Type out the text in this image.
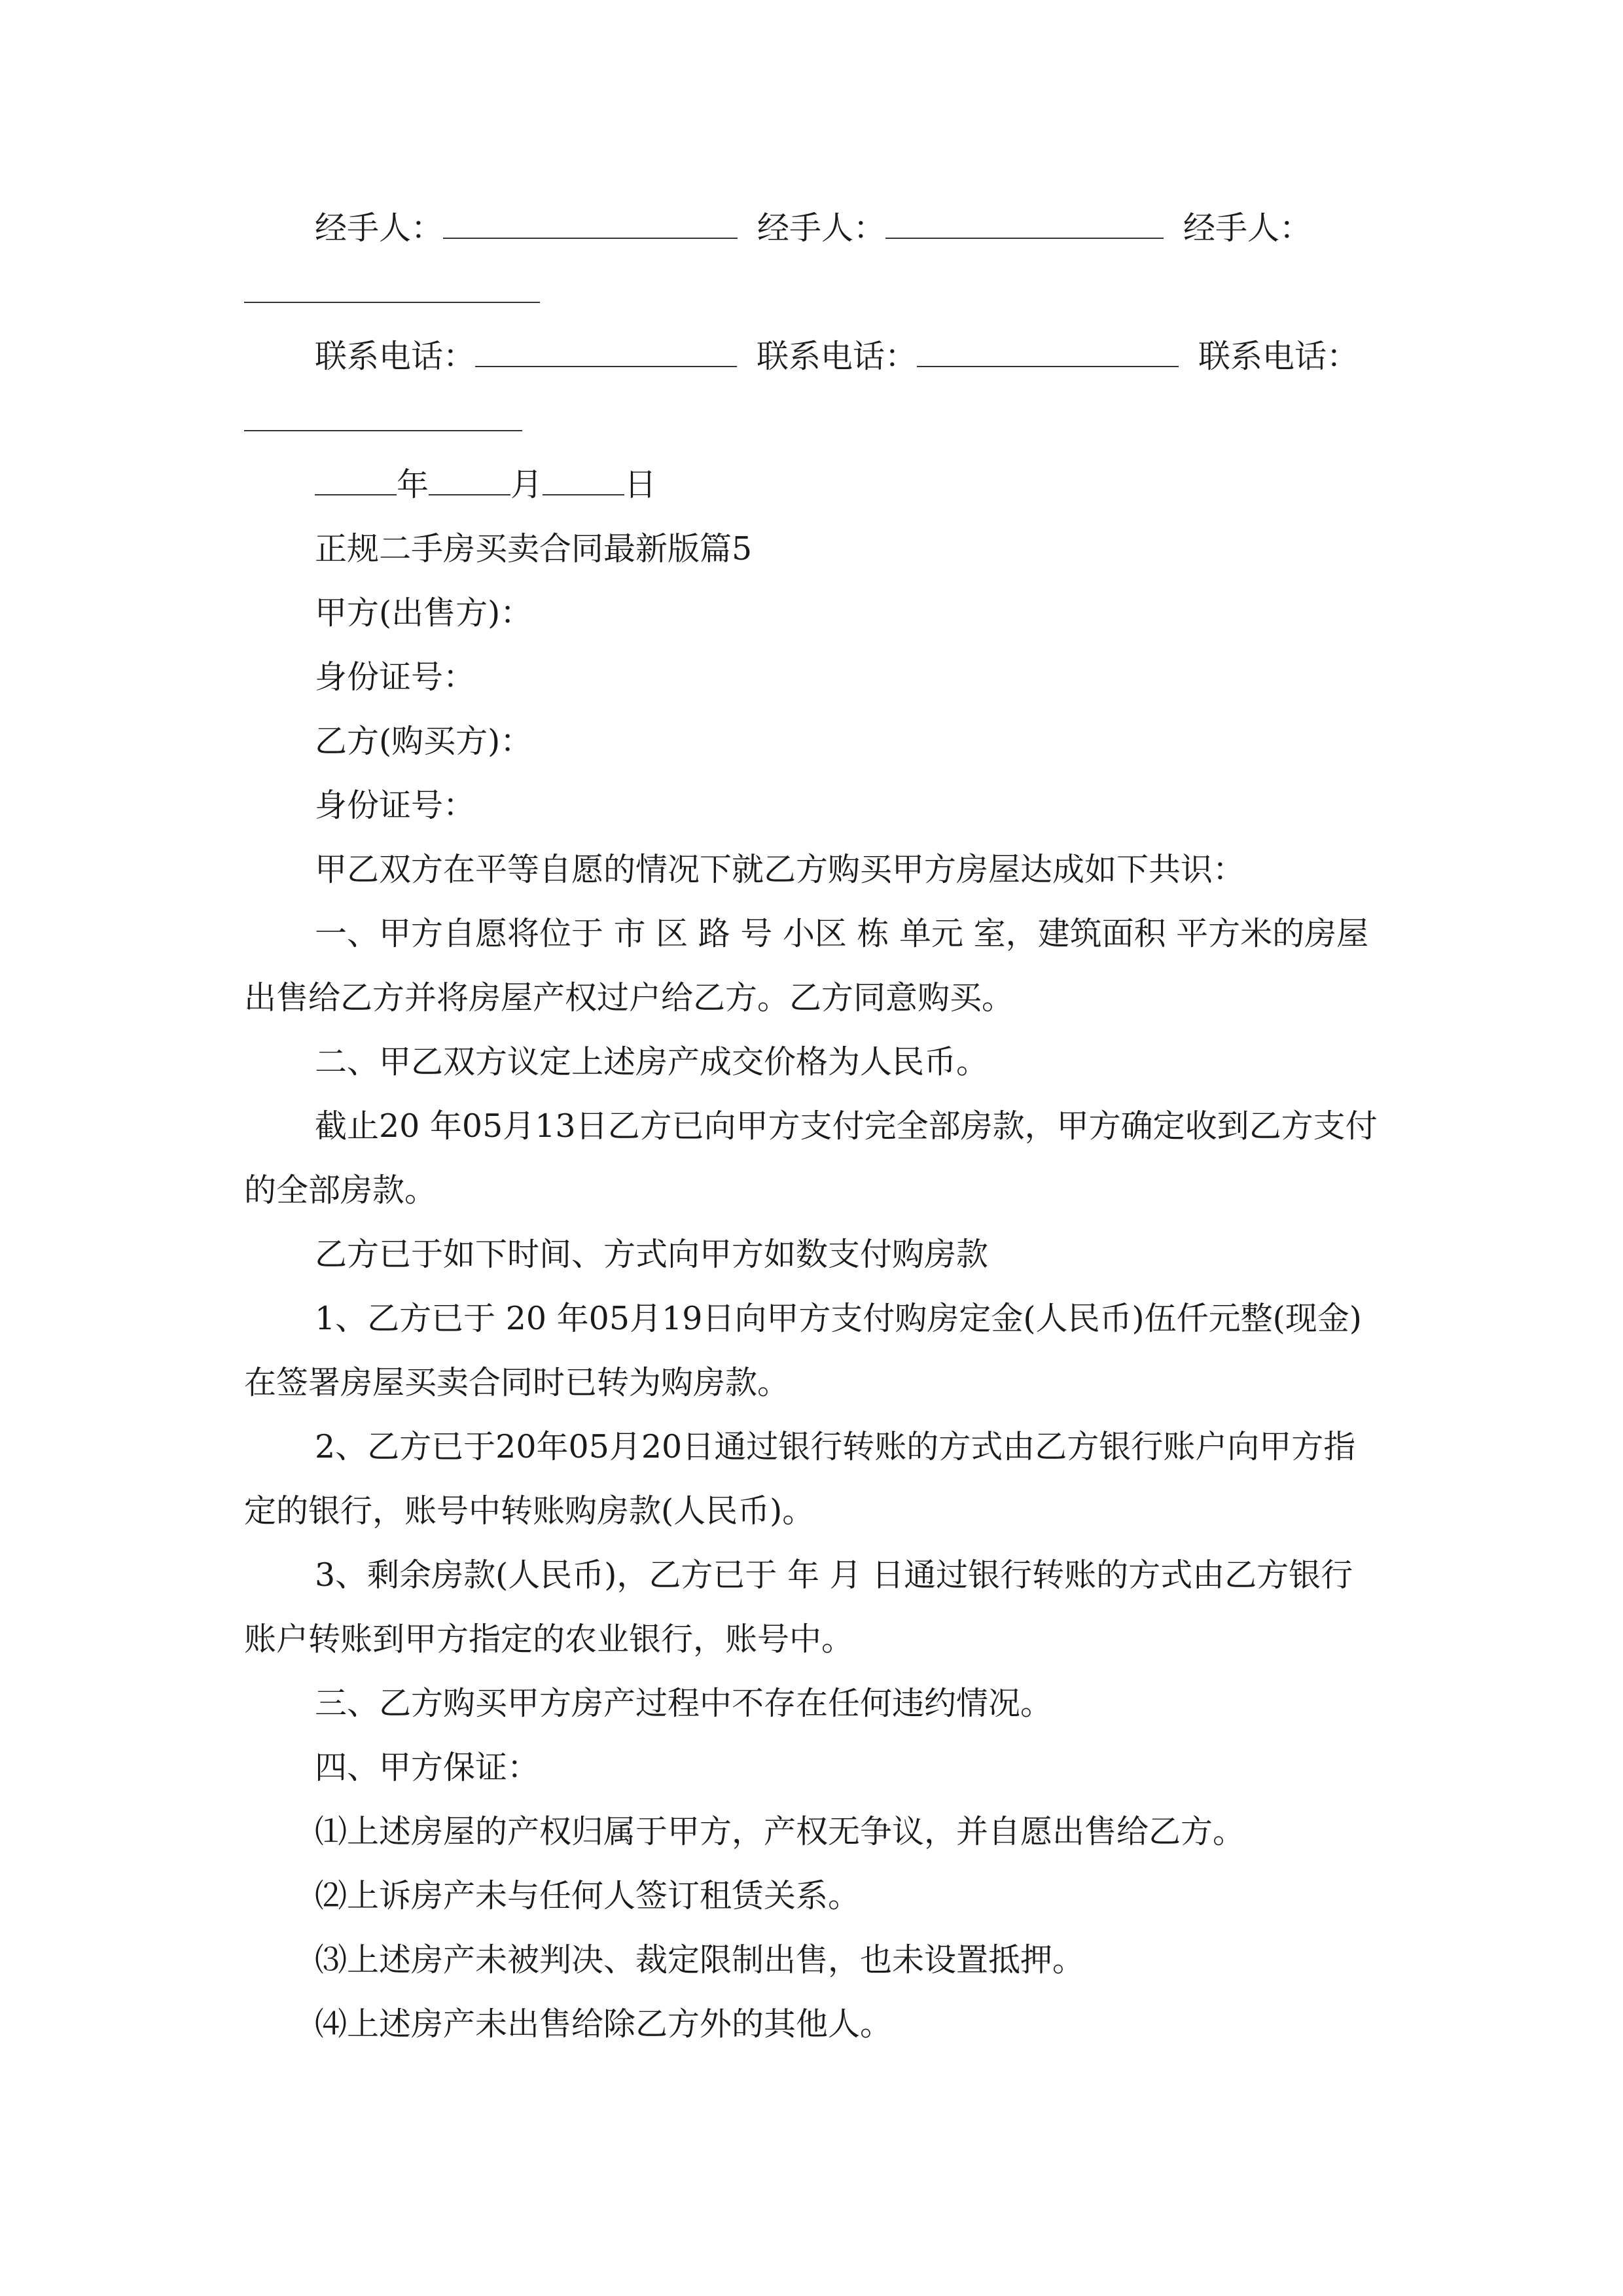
经手人：	经手人：	经手人：
联系电话：	联系电话：	联系电话：
年	月	日
正规二手房买卖合同最新版篇5
甲方(出售方)：
身份证号：
乙方(购买方)：
身份证号：
甲乙双方在平等自愿的情况下就乙方购买甲方房屋达成如下共识：
一、甲方自愿将位于 市 区 路 号 小区 栋 单元 室，建筑面积 平方米的房屋出售给乙方并将房屋产权过户给乙方。乙方同意购买。
二、甲乙双方议定上述房产成交价格为人民币。
截止20 年05月13日乙方已向甲方支付完全部房款，甲方确定收到乙方支付的全部房款。
乙方已于如下时间、方式向甲方如数支付购房款
1、乙方已于 20 年05月19日向甲方支付购房定金(人民币)伍仟元整(现金)在签署房屋买卖合同时已转为购房款。
2、乙方已于20年05月20日通过银行转账的方式由乙方银行账户向甲方指定的银行，账号中转账购房款(人民币)。
3、剩余房款(人民币)，乙方已于 年 月 日通过银行转账的方式由乙方银行账户转账到甲方指定的农业银行，账号中。
三、乙方购买甲方房产过程中不存在任何违约情况。
四、甲方保证：
⑴上述房屋的产权归属于甲方，产权无争议，并自愿出售给乙方。
⑵上诉房产未与任何人签订租赁关系。
⑶上述房产未被判决、裁定限制出售，也未设置抵押。
⑷上述房产未出售给除乙方外的其他人。
